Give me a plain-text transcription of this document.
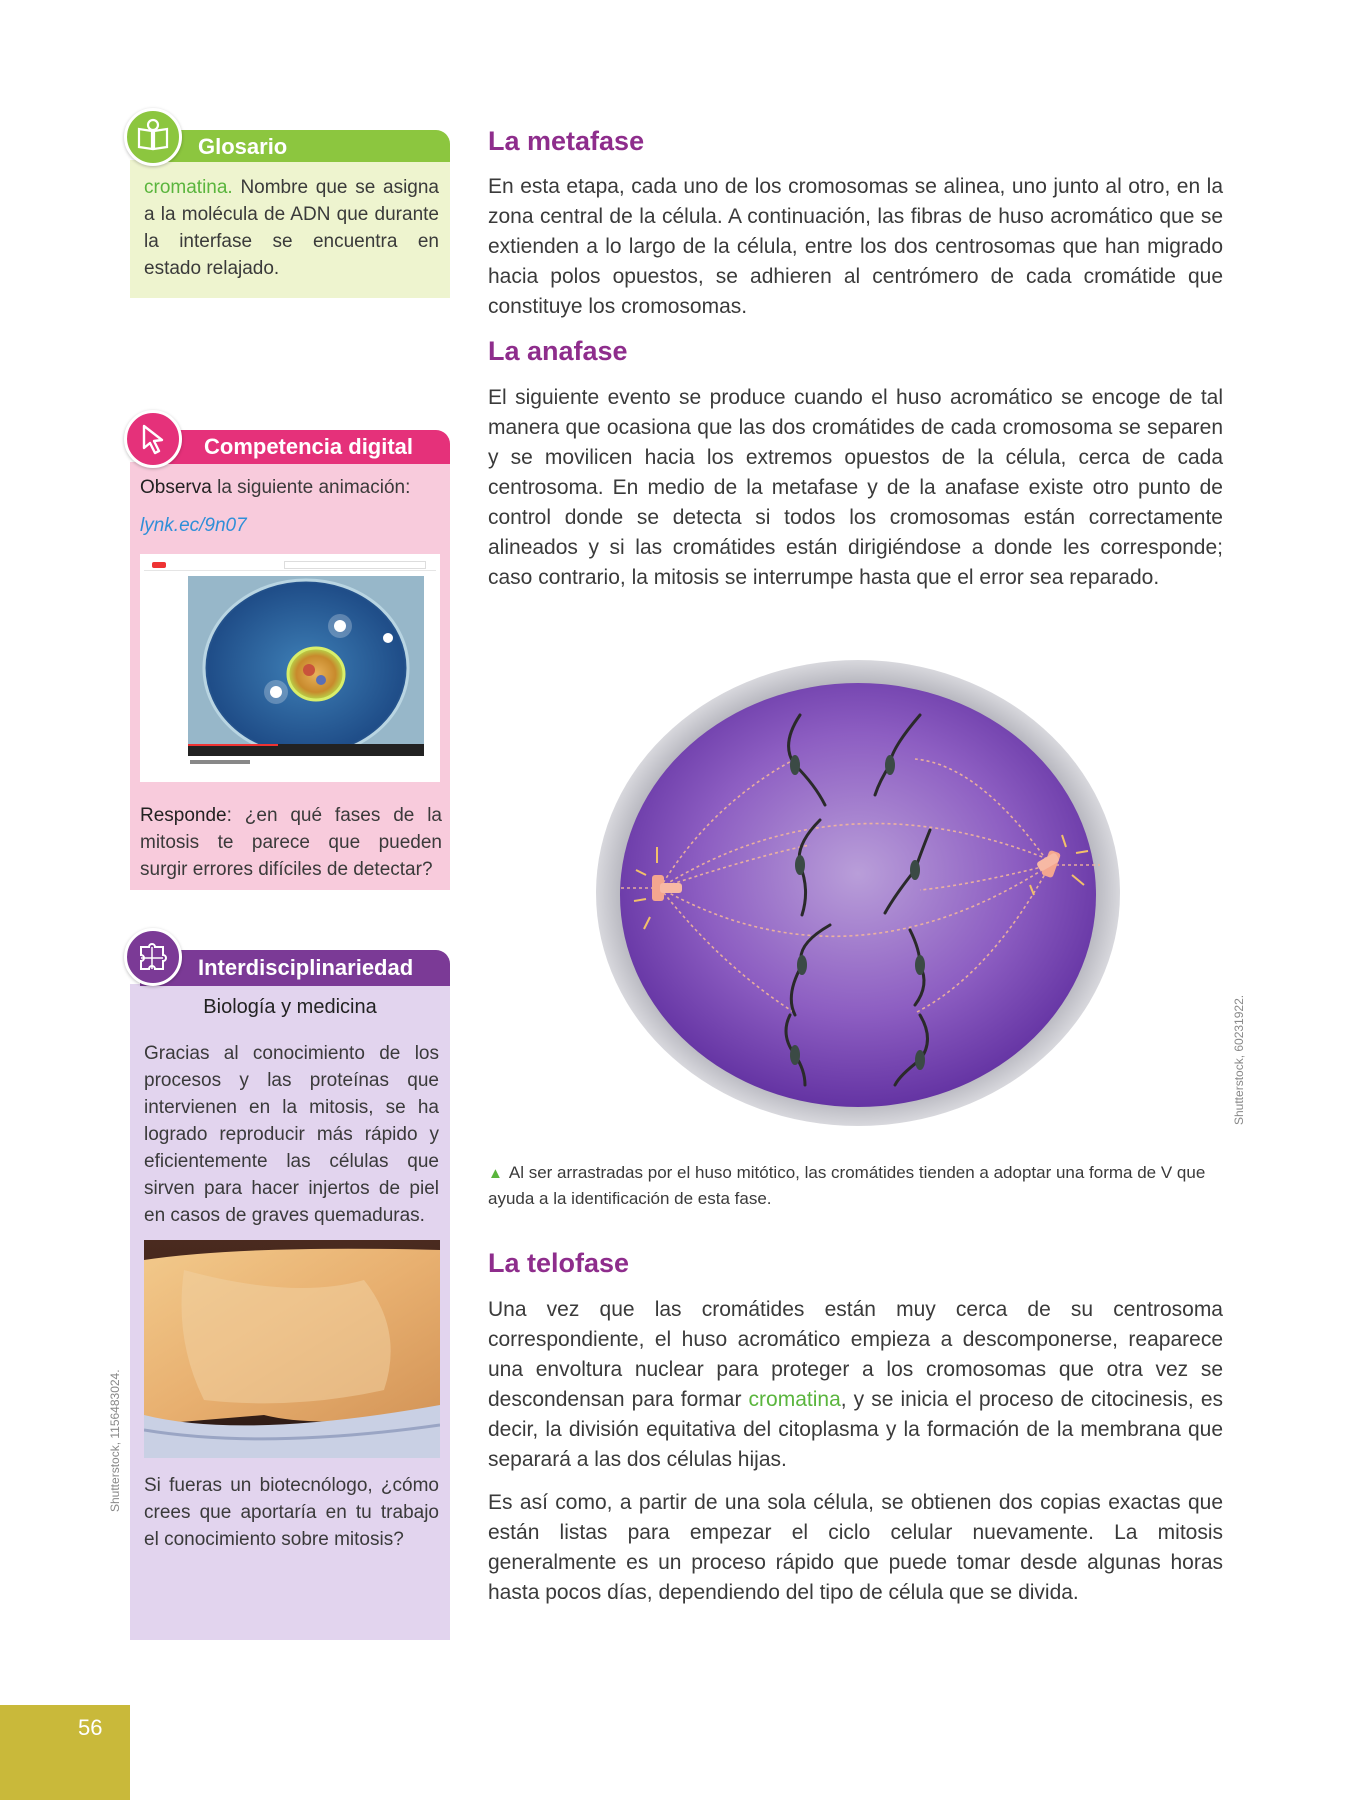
Glosario
cromatina. Nombre que se asigna a la molécula de ADN que durante la interfase se encuentra en estado relajado.
Competencia digital
Observa la siguiente animación:
lynk.ec/9n07
Responde: ¿en qué fases de la mitosis te parece que pueden surgir errores difíciles de detectar?
Interdisciplinariedad
Biología y medicina
Gracias al conocimiento de los procesos y las proteínas que intervienen en la mitosis, se ha logrado reproducir más rápido y eficientemente las células que sirven para hacer injertos de piel en casos de graves quemaduras.
Si fueras un biotecnólogo, ¿cómo crees que aportaría en tu trabajo el conocimiento sobre mitosis?
Shutterstock, 1156483024.
La metafase
En esta etapa, cada uno de los cromosomas se alinea, uno junto al otro, en la zona central de la célula. A continuación, las fibras de huso acromático que se extienden a lo largo de la célula, entre los dos centrosomas que han migrado hacia polos opuestos, se adhieren al centrómero de cada cromátide que constituye los cromosomas.
La anafase
El siguiente evento se produce cuando el huso acromático se encoge de tal manera que ocasiona que las dos cromátides de cada cromosoma se separen y se movilicen hacia los extremos opuestos de la célula, cerca de cada centrosoma. En medio de la metafase y de la anafase existe otro punto de control donde se detecta si todos los cromosomas están correctamente alineados y si las cromátides están dirigiéndose a donde les corresponde; caso contrario, la mitosis se interrumpe hasta que el error sea reparado.
Shutterstock, 60231922.
▲ Al ser arrastradas por el huso mitótico, las cromátides tienden a adoptar una forma de V que ayuda a la identificación de esta fase.
La telofase
Una vez que las cromátides están muy cerca de su centrosoma correspondiente, el huso acromático empieza a descomponerse, reaparece una envoltura nuclear para proteger a los cromosomas que otra vez se descondensan para formar cromatina, y se inicia el proceso de citocinesis, es decir, la división equitativa del citoplasma y la formación de la membrana que separará a las dos células hijas.
Es así como, a partir de una sola célula, se obtienen dos copias exactas que están listas para empezar el ciclo celular nuevamente. La mitosis generalmente es un proceso rápido que puede tomar desde algunas horas hasta pocos días, dependiendo del tipo de célula que se divida.
56
